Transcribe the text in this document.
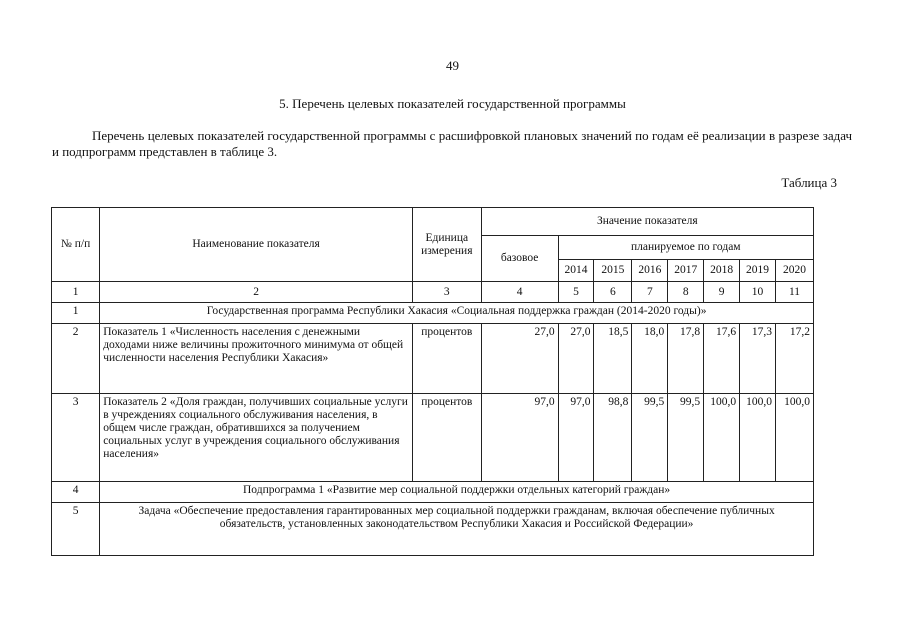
49
5. Перечень целевых показателей государственной программы
Перечень целевых показателей государственной программы с расшифровкой плановых значений по годам её реализации в разрезе задач и подпрограмм представлен в таблице 3.
Таблица 3
№ п/п	Наименование показателя	Единица измерения	Значение показателя							
			базовое	планируемое по годам						
				2014	2015	2016	2017	2018	2019	2020
1	2	3	4	5	6	7	8	9	10	11
1	Государственная программа Республики Хакасия «Социальная поддержка граждан (2014-2020 годы)»									
2	Показатель 1 «Численность населения с денежными доходами ниже величины прожиточного минимума от общей численности населения Республики Хакасия»	процентов	27,0	27,0	18,5	18,0	17,8	17,6	17,3	17,2
3	Показатель 2 «Доля граждан, получивших социальные услуги в учреждениях социального обслуживания населения, в общем числе граждан, обратившихся за получением социальных услуг в учреждения социального обслуживания населения»	процентов	97,0	97,0	98,8	99,5	99,5	100,0	100,0	100,0
4	Подпрограмма 1 «Развитие мер социальной поддержки отдельных категорий граждан»									
5	Задача «Обеспечение предоставления гарантированных мер социальной поддержки гражданам, включая обеспечение публичных обязательств, установленных законодательством Республики Хакасия и Российской Федерации»									
